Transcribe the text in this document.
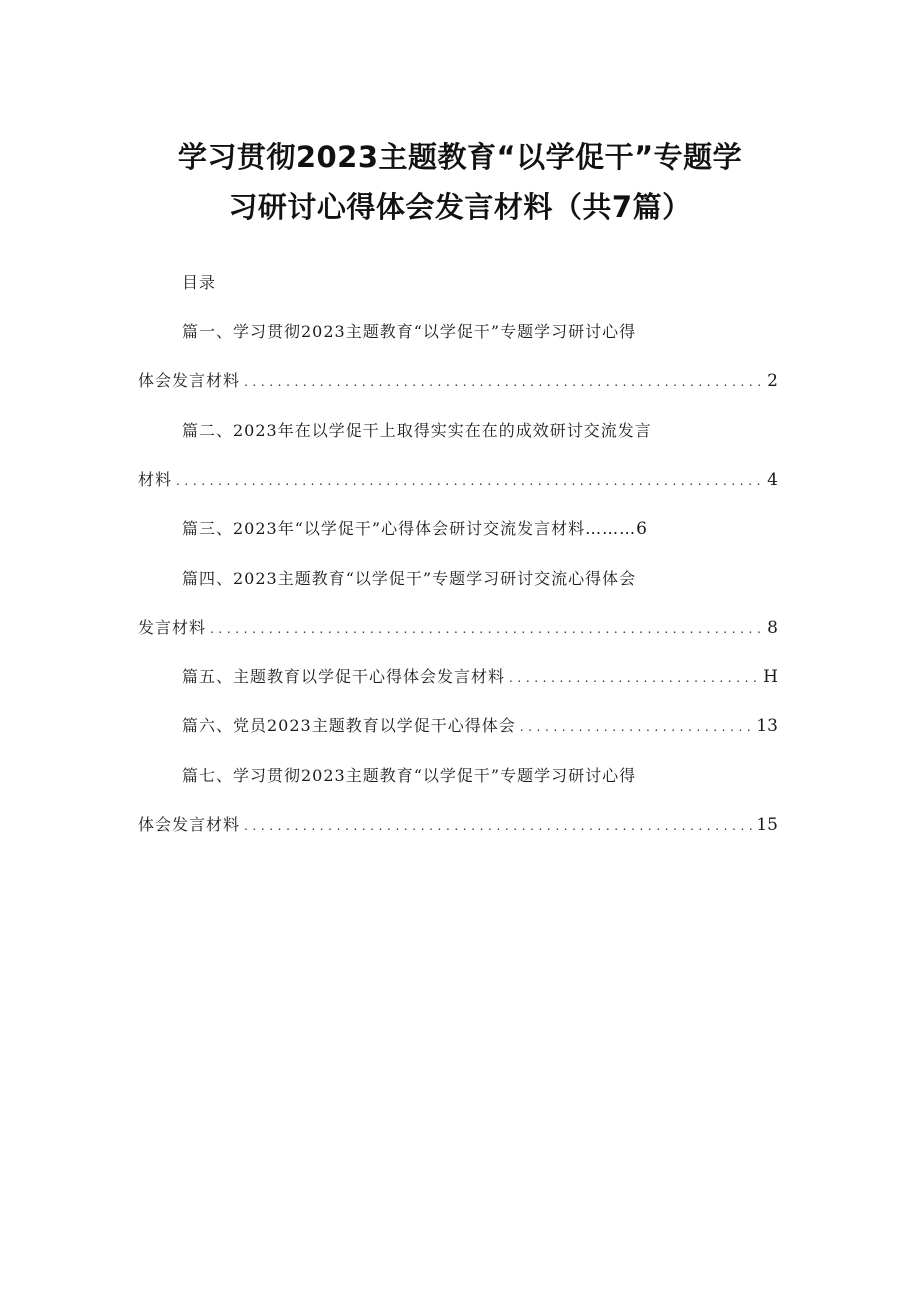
学习贯彻2023主题教育“以学促干”专题学
习研讨心得体会发言材料（共7篇）
目录
篇一、学习贯彻2023主题教育“以学促干”专题学习研讨心得
体会发言材料 .....	2
篇二、2023年在以学促干上取得实实在在的成效研讨交流发言
材料 .....	4
篇三、2023年“以学促干”心得体会研讨交流发言材料………6
篇四、2023主题教育“以学促干”专题学习研讨交流心得体会
发言材料 .....	8
篇五、主题教育以学促干心得体会发言材料 .....	H
篇六、党员2023主题教育以学促干心得体会 .....	13
篇七、学习贯彻2023主题教育“以学促干”专题学习研讨心得
体会发言材料 .....	15
